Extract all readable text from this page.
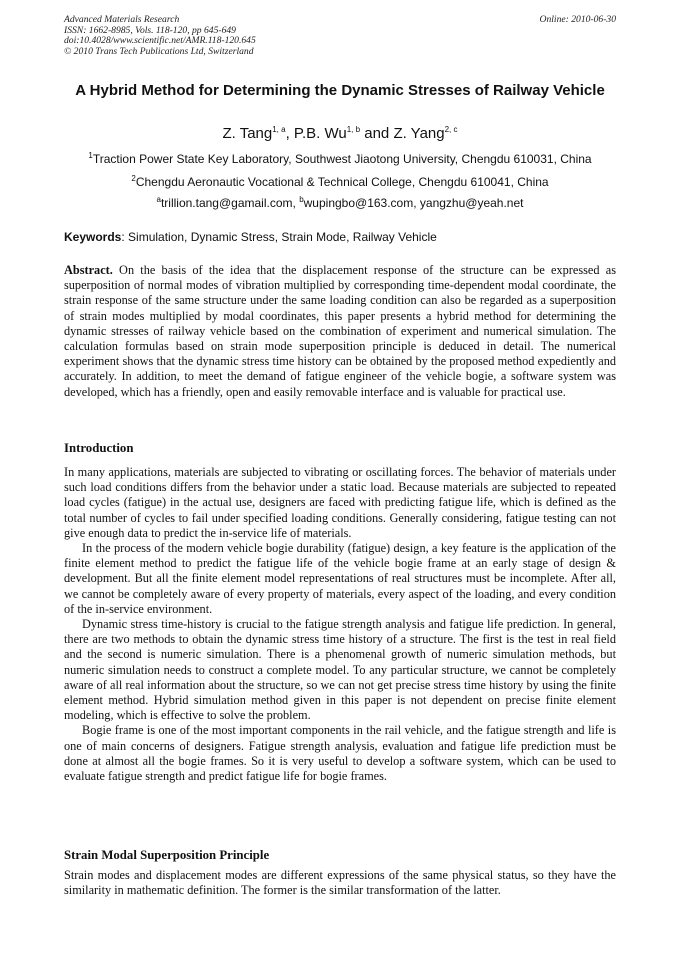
Advanced Materials Research
ISSN: 1662-8985, Vols. 118-120, pp 645-649
doi:10.4028/www.scientific.net/AMR.118-120.645
© 2010 Trans Tech Publications Ltd, Switzerland
Online: 2010-06-30
A Hybrid Method for Determining the Dynamic Stresses of Railway Vehicle
Z. Tang$^{1, a}$, P.B. Wu$^{1, b}$ and Z. Yang$^{2, c}$
$^1$Traction Power State Key Laboratory, Southwest Jiaotong University, Chengdu 610031, China
$^2$Chengdu Aeronautic Vocational & Technical College, Chengdu 610041, China
$^a$trillion.tang@gamail.com, $^b$wupingbo@163.com, yangzhu@yeah.net
Keywords: Simulation, Dynamic Stress, Strain Mode, Railway Vehicle

Abstract. On the basis of the idea that the displacement response of the structure can be expressed as superposition of normal modes of vibration multiplied by corresponding time-dependent modal coordinate, the strain response of the same structure under the same loading condition can also be regarded as a superposition of strain modes multiplied by modal coordinates, this paper presents a hybrid method for determining the dynamic stresses of railway vehicle based on the combination of experiment and numerical simulation. The calculation formulas based on strain mode superposition principle is deduced in detail. The numerical experiment shows that the dynamic stress time history can be obtained by the proposed method expediently and accurately. In addition, to meet the demand of fatigue engineer of the vehicle bogie, a software system was developed, which has a friendly, open and easily removable interface and is valuable for practical use.

Introduction

In many applications, materials are subjected to vibrating or oscillating forces. The behavior of materials under such load conditions differs from the behavior under a static load. Because materials are subjected to repeated load cycles (fatigue) in the actual use, designers are faced with predicting fatigue life, which is defined as the total number of cycles to fail under specified loading conditions. Generally considering, fatigue testing can not give enough data to predict the in-service life of materials.

In the process of the modern vehicle bogie durability (fatigue) design, a key feature is the application of the finite element method to predict the fatigue life of the vehicle bogie frame at an early stage of design & development. But all the finite element model representations of real structures must be incomplete. After all, we cannot be completely aware of every property of materials, every aspect of the loading, and every condition of the in-service environment.

Dynamic stress time-history is crucial to the fatigue strength analysis and fatigue life prediction. In general, there are two methods to obtain the dynamic stress time history of a structure. The first is the test in real field and the second is numeric simulation. There is a phenomenal growth of numeric simulation methods, but numeric simulation needs to construct a complete model. To any particular structure, we cannot be completely aware of all real information about the structure, so we can not get precise stress time history by using the finite element method. Hybrid simulation method given in this paper is not dependent on precise finite element modeling, which is effective to solve the problem.

Bogie frame is one of the most important components in the rail vehicle, and the fatigue strength and life is one of main concerns of designers. Fatigue strength analysis, evaluation and fatigue life prediction must be done at almost all the bogie frames. So it is very useful to develop a software system, which can be used to evaluate fatigue strength and predict fatigue life for bogie frames.

Strain Modal Superposition Principle

Strain modes and displacement modes are different expressions of the same physical status, so they have the similarity in mathematic definition. The former is the similar transformation of the latter.
